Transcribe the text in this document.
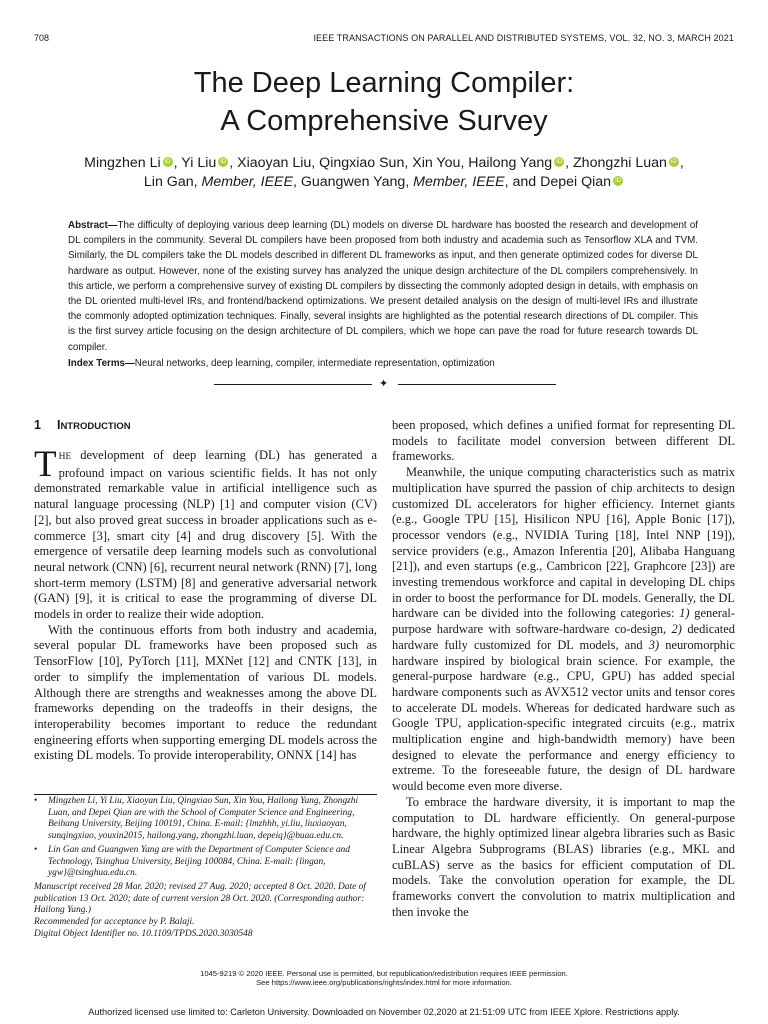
708	IEEE TRANSACTIONS ON PARALLEL AND DISTRIBUTED SYSTEMS, VOL. 32, NO. 3, MARCH 2021
The Deep Learning Compiler:
A Comprehensive Survey
Mingzhen Li iD , Yi Liu iD , Xiaoyan Liu, Qingxiao Sun, Xin You, Hailong Yang iD , Zhongzhi Luan iD ,
Lin Gan, Member, IEEE, Guangwen Yang, Member, IEEE, and Depei Qian iD
Abstract—The difficulty of deploying various deep learning (DL) models on diverse DL hardware has boosted the research and development of DL compilers in the community. Several DL compilers have been proposed from both industry and academia such as Tensorflow XLA and TVM. Similarly, the DL compilers take the DL models described in different DL frameworks as input, and then generate optimized codes for diverse DL hardware as output. However, none of the existing survey has analyzed the unique design architecture of the DL compilers comprehensively. In this article, we perform a comprehensive survey of existing DL compilers by dissecting the commonly adopted design in details, with emphasis on the DL oriented multi-level IRs, and frontend/backend optimizations. We present detailed analysis on the design of multi-level IRs and illustrate the commonly adopted optimization techniques. Finally, several insights are highlighted as the potential research directions of DL compiler. This is the first survey article focusing on the design architecture of DL compilers, which we hope can pave the road for future research towards DL compiler.
Index Terms—Neural networks, deep learning, compiler, intermediate representation, optimization
✦
1 INTRODUCTION

THE development of deep learning (DL) has generated a profound impact on various scientific fields. It has not only demonstrated remarkable value in artificial intelligence such as natural language processing (NLP) [1] and computer vision (CV) [2], but also proved great success in broader applications such as e-commerce [3], smart city [4] and drug discovery [5]. With the emergence of versatile deep learning models such as convolutional neural network (CNN) [6], recurrent neural network (RNN) [7], long short-term memory (LSTM) [8] and generative adversarial network (GAN) [9], it is critical to ease the programming of diverse DL models in order to realize their wide adoption.

With the continuous efforts from both industry and academia, several popular DL frameworks have been proposed such as TensorFlow [10], PyTorch [11], MXNet [12] and CNTK [13], in order to simplify the implementation of various DL models. Although there are strengths and weaknesses among the above DL frameworks depending on the tradeoffs in their designs, the interoperability becomes important to reduce the redundant engineering efforts when supporting emerging DL models across the existing DL models. To provide interoperability, ONNX [14] has

• Mingzhen Li, Yi Liu, Xiaoyan Liu, Qingxiao Sun, Xin You, Hailong Yang, Zhongzhi Luan, and Depei Qian are with the School of Computer Science and Engineering, Beihang University, Beijing 100191, China. E-mail: {lmzhhh, yi.liu, liuxiaoyan, sunqingxiao, youxin2015, hailong.yang, zhongzhi.luan, depeiq}@buaa.edu.cn.
• Lin Gan and Guangwen Yang are with the Department of Computer Science and Technology, Tsinghua University, Beijing 100084, China. E-mail: {lingan, ygw}@tsinghua.edu.cn.
Manuscript received 28 Mar. 2020; revised 27 Aug. 2020; accepted 8 Oct. 2020. Date of publication 13 Oct. 2020; date of current version 28 Oct. 2020. (Corresponding author: Hailong Yang.)
Recommended for acceptance by P. Balaji.
Digital Object Identifier no. 10.1109/TPDS.2020.3030548

been proposed, which defines a unified format for representing DL models to facilitate model conversion between different DL frameworks.

Meanwhile, the unique computing characteristics such as matrix multiplication have spurred the passion of chip architects to design customized DL accelerators for higher efficiency. Internet giants (e.g., Google TPU [15], Hisilicon NPU [16], Apple Bonic [17]), processor vendors (e.g., NVIDIA Turing [18], Intel NNP [19]), service providers (e.g., Amazon Inferentia [20], Alibaba Hanguang [21]), and even startups (e.g., Cambricon [22], Graphcore [23]) are investing tremendous workforce and capital in developing DL chips in order to boost the performance for DL models. Generally, the DL hardware can be divided into the following categories: 1) general-purpose hardware with software-hardware co-design, 2) dedicated hardware fully customized for DL models, and 3) neuromorphic hardware inspired by biological brain science. For example, the general-purpose hardware (e.g., CPU, GPU) has added special hardware components such as AVX512 vector units and tensor cores to accelerate DL models. Whereas for dedicated hardware such as Google TPU, application-specific integrated circuits (e.g., matrix multiplication engine and high-bandwidth memory) have been designed to elevate the performance and energy efficiency to extreme. To the foreseeable future, the design of DL hardware would become even more diverse.

To embrace the hardware diversity, it is important to map the computation to DL hardware efficiently. On general-purpose hardware, the highly optimized linear algebra libraries such as Basic Linear Algebra Subprograms (BLAS) libraries (e.g., MKL and cuBLAS) serve as the basics for efficient computation of DL models. Take the convolution operation for example, the DL frameworks convert the convolution to matrix multiplication and then invoke the

1045-9219 © 2020 IEEE. Personal use is permitted, but republication/redistribution requires IEEE permission.
See https://www.ieee.org/publications/rights/index.html for more information.
Authorized licensed use limited to: Carleton University. Downloaded on November 02,2020 at 21:51:09 UTC from IEEE Xplore. Restrictions apply.
